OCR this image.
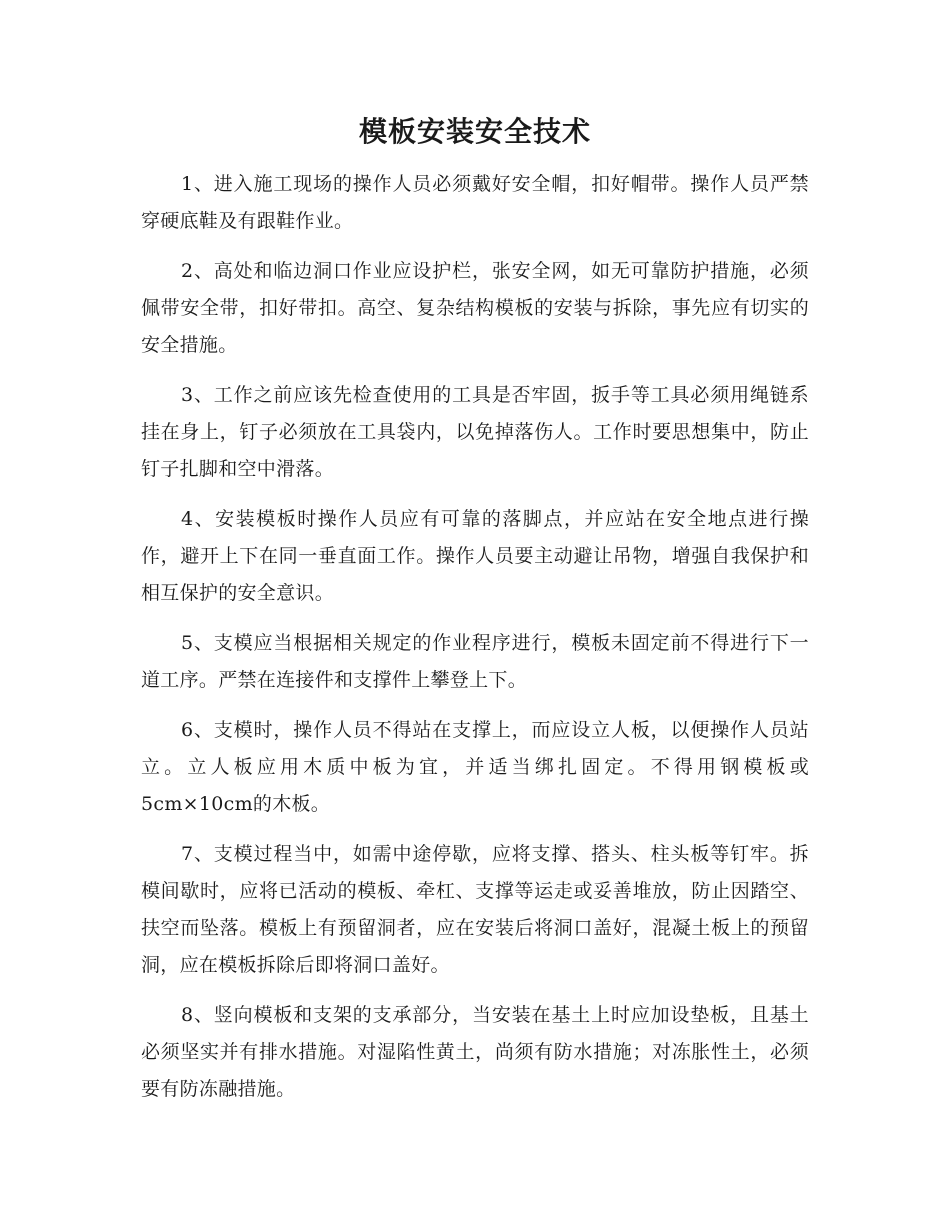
模板安装安全技术

1、进入施工现场的操作人员必须戴好安全帽，扣好帽带。操作人员严禁穿硬底鞋及有跟鞋作业。

2、高处和临边洞口作业应设护栏，张安全网，如无可靠防护措施，必须佩带安全带，扣好带扣。高空、复杂结构模板的安装与拆除，事先应有切实的安全措施。

3、工作之前应该先检查使用的工具是否牢固，扳手等工具必须用绳链系挂在身上，钉子必须放在工具袋内，以免掉落伤人。工作时要思想集中，防止钉子扎脚和空中滑落。

4、安装模板时操作人员应有可靠的落脚点，并应站在安全地点进行操作，避开上下在同一垂直面工作。操作人员要主动避让吊物，增强自我保护和相互保护的安全意识。

5、支模应当根据相关规定的作业程序进行，模板未固定前不得进行下一道工序。严禁在连接件和支撑件上攀登上下。

6、支模时，操作人员不得站在支撑上，而应设立人板，以便操作人员站立。立人板应用木质中板为宜，并适当绑扎固定。不得用钢模板或5cm×10cm的木板。

7、支模过程当中，如需中途停歇，应将支撑、搭头、柱头板等钉牢。拆模间歇时，应将已活动的模板、牵杠、支撑等运走或妥善堆放，防止因踏空、扶空而坠落。模板上有预留洞者，应在安装后将洞口盖好，混凝土板上的预留洞，应在模板拆除后即将洞口盖好。

8、竖向模板和支架的支承部分，当安装在基土上时应加设垫板，且基土必须坚实并有排水措施。对湿陷性黄土，尚须有防水措施；对冻胀性土，必须要有防冻融措施。
